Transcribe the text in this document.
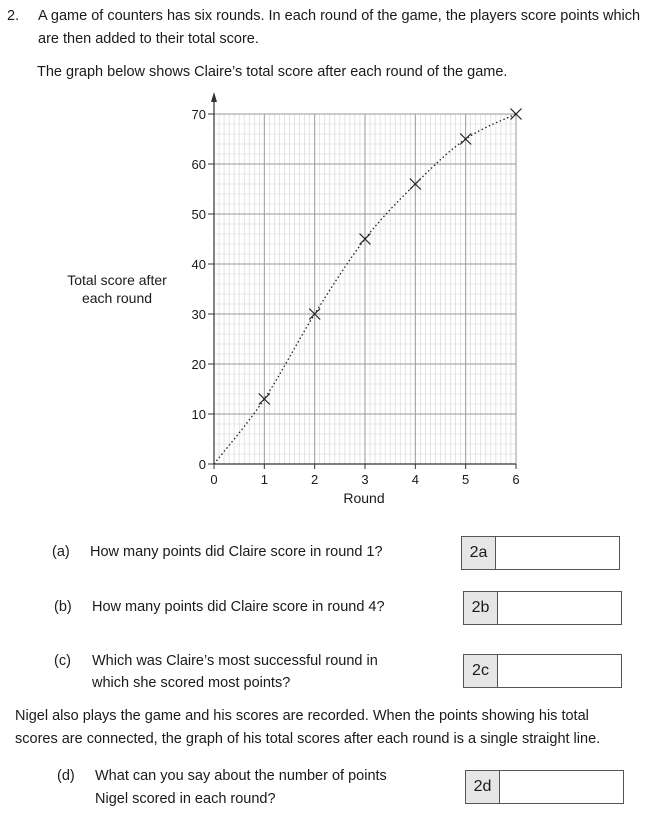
2. A game of counters has six rounds. In each round of the game, the players score points which
are then added to their total score.
The graph below shows Claire’s total score after each round of the game.
Total score after
each round
0
10
20
30
40
50
60
70
0	1	2	3	4	5	6
Round
(a) How many points did Claire score in round 1?	2a
(b) How many points did Claire score in round 4?	2b
(c) Which was Claire’s most successful round in
which she scored most points?
2c
Nigel also plays the game and his scores are recorded. When the points showing his total
scores are connected, the graph of his total scores after each round is a single straight line.
(d) What can you say about the number of points
Nigel scored in each round?
2d
